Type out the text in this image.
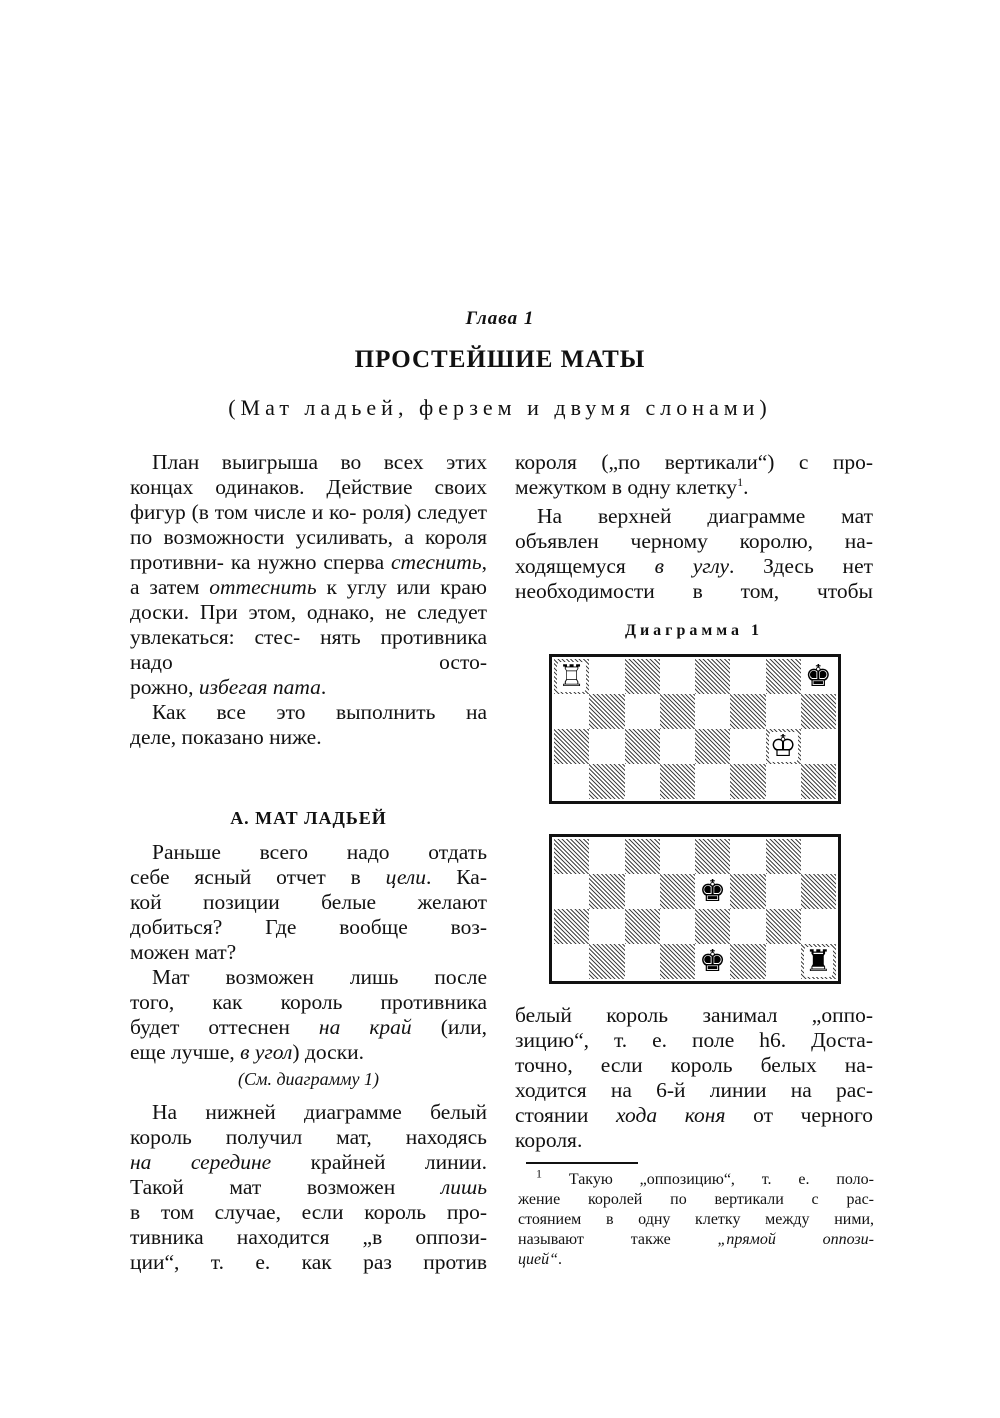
Глава 1
ПРОСТЕЙШИЕ МАТЫ
(Мат ладьей, ферзем и двумя слонами)

План выигрыша во всех этих концах одинаков. Действие своих фигур (в том числе и ко- роля) следует по возможности усиливать, а короля противни- ка нужно сперва стеснить, а затем оттеснить к углу или краю доски. При этом, однако, не следует увлекаться: стес- нять противника надо осто-

рожно, избегая пата.

Как все это выполнить на

деле, показано ниже.

А. МАТ ЛАДЬЕЙ

Раньше всего надо отдать

себе ясный отчет в цели. Ка-

кой позиции белые желают

добиться? Где вообще воз-

можен мат?

Мат возможен лишь после

того, как король противника

будет оттеснен на край (или,

еще лучше, в угол) доски.

(См. диаграмму 1)

На нижней диаграмме белый

король получил мат, находясь

на середине крайней линии.

Такой мат возможен лишь

в том случае, если король про-

тивника находится „в оппози-

ции“, т. е. как раз против

короля („по вертикали“) с про-

межутком в одну клетку$^1$.

На верхней диаграмме мат

объявлен черному королю, на-

ходящемуся в углу. Здесь нет

необходимости в том, чтобы

Диаграмма 1
♖	♚
♔
♚
♚	♜

белый король занимал „оппо-

зицию“, т. е. поле h6. Доста-

точно, если король белых на-

ходится на 6-й линии на рас-

стоянии хода коня от черного

короля.

$^1$ Такую „оппозицию“, т. е. поло-

жение королей по вертикали с рас-

стоянием в одну клетку между ними,

называют также „прямой оппози-

цией“.
